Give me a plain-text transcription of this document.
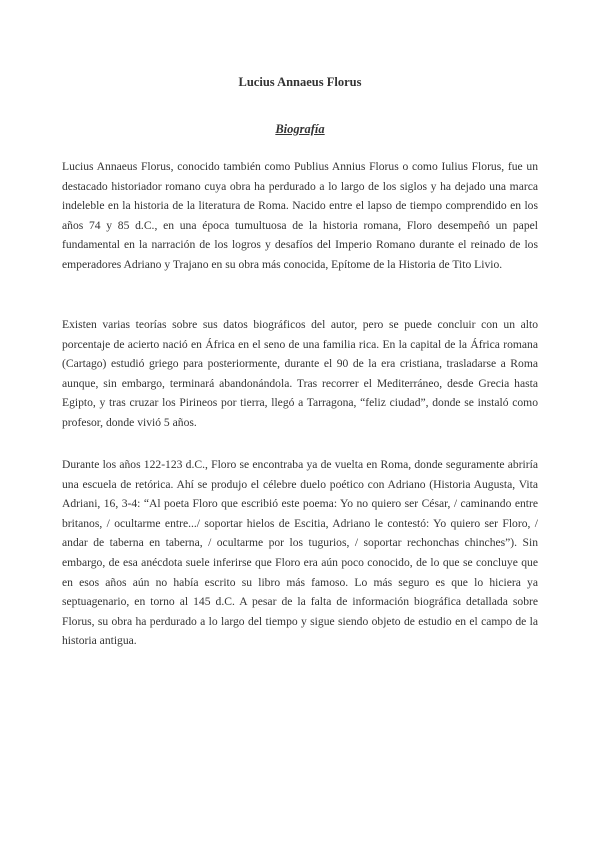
Lucius Annaeus Florus
Biografía

Lucius Annaeus Florus, conocido también como Publius Annius Florus o como Iulius Florus, fue un destacado historiador romano cuya obra ha perdurado a lo largo de los siglos y ha dejado una marca indeleble en la historia de la literatura de Roma. Nacido entre el lapso de tiempo comprendido en los años 74 y 85 d.C., en una época tumultuosa de la historia romana, Floro desempeñó un papel fundamental en la narración de los logros y desafíos del Imperio Romano durante el reinado de los emperadores Adriano y Trajano en su obra más conocida, Epítome de la Historia de Tito Livio.

Existen varias teorías sobre sus datos biográficos del autor, pero se puede concluir con un alto porcentaje de acierto nació en África en el seno de una familia rica. En la capital de la África romana (Cartago) estudió griego para posteriormente, durante el 90 de la era cristiana, trasladarse a Roma aunque, sin embargo, terminará abandonándola. Tras recorrer el Mediterráneo, desde Grecia hasta Egipto, y tras cruzar los Pirineos por tierra, llegó a Tarragona, “feliz ciudad”, donde se instaló como profesor, donde vivió 5 años.

Durante los años 122-123 d.C., Floro se encontraba ya de vuelta en Roma, donde seguramente abriría una escuela de retórica. Ahí se produjo el célebre duelo poético con Adriano (Historia Augusta, Vita Adriani, 16, 3-4: “Al poeta Floro que escribió este poema: Yo no quiero ser César, / caminando entre britanos, / ocultarme entre.../ soportar hielos de Escitia, Adriano le contestó: Yo quiero ser Floro, / andar de taberna en taberna, / ocultarme por los tugurios, / soportar rechonchas chinches”). Sin embargo, de esa anécdota suele inferirse que Floro era aún poco conocido, de lo que se concluye que en esos años aún no había escrito su libro más famoso. Lo más seguro es que lo hiciera ya septuagenario, en torno al 145 d.C. A pesar de la falta de información biográfica detallada sobre Florus, su obra ha perdurado a lo largo del tiempo y sigue siendo objeto de estudio en el campo de la historia antigua.
